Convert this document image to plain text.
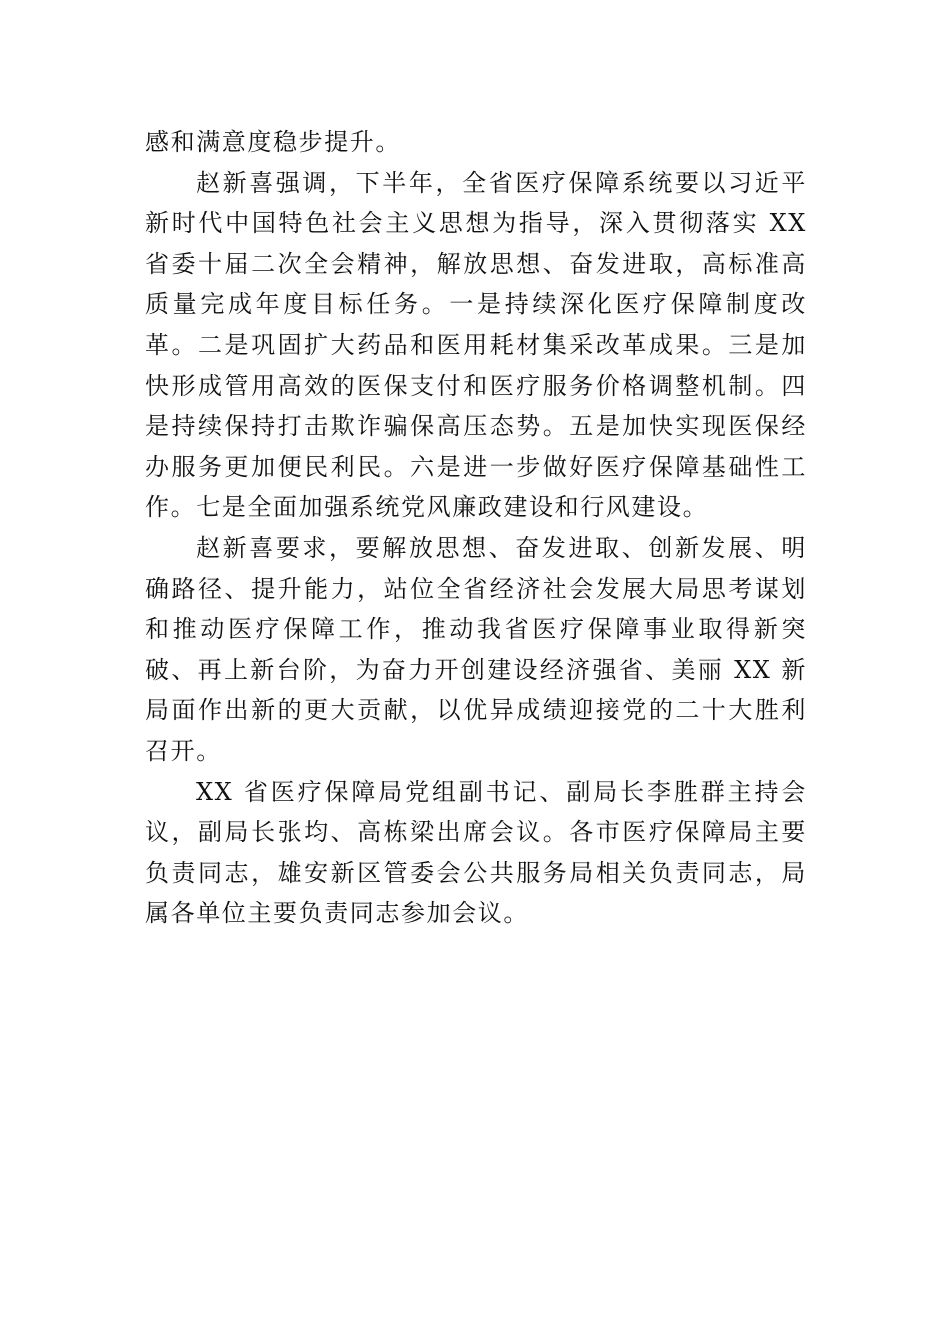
感和满意度稳步提升。

赵新喜强调，下半年，全省医疗保障系统要以习近平新时代中国特色社会主义思想为指导，深入贯彻落实 XX 省委十届二次全会精神，解放思想、奋发进取，高标准高质量完成年度目标任务。一是持续深化医疗保障制度改革。二是巩固扩大药品和医用耗材集采改革成果。三是加快形成管用高效的医保支付和医疗服务价格调整机制。四是持续保持打击欺诈骗保高压态势。五是加快实现医保经办服务更加便民利民。六是进一步做好医疗保障基础性工作。七是全面加强系统党风廉政建设和行风建设。

赵新喜要求，要解放思想、奋发进取、创新发展、明确路径、提升能力，站位全省经济社会发展大局思考谋划和推动医疗保障工作，推动我省医疗保障事业取得新突破、再上新台阶，为奋力开创建设经济强省、美丽 XX 新局面作出新的更大贡献，以优异成绩迎接党的二十大胜利召开。

XX 省医疗保障局党组副书记、副局长李胜群主持会议，副局长张均、高栋梁出席会议。各市医疗保障局主要负责同志，雄安新区管委会公共服务局相关负责同志，局属各单位主要负责同志参加会议。
